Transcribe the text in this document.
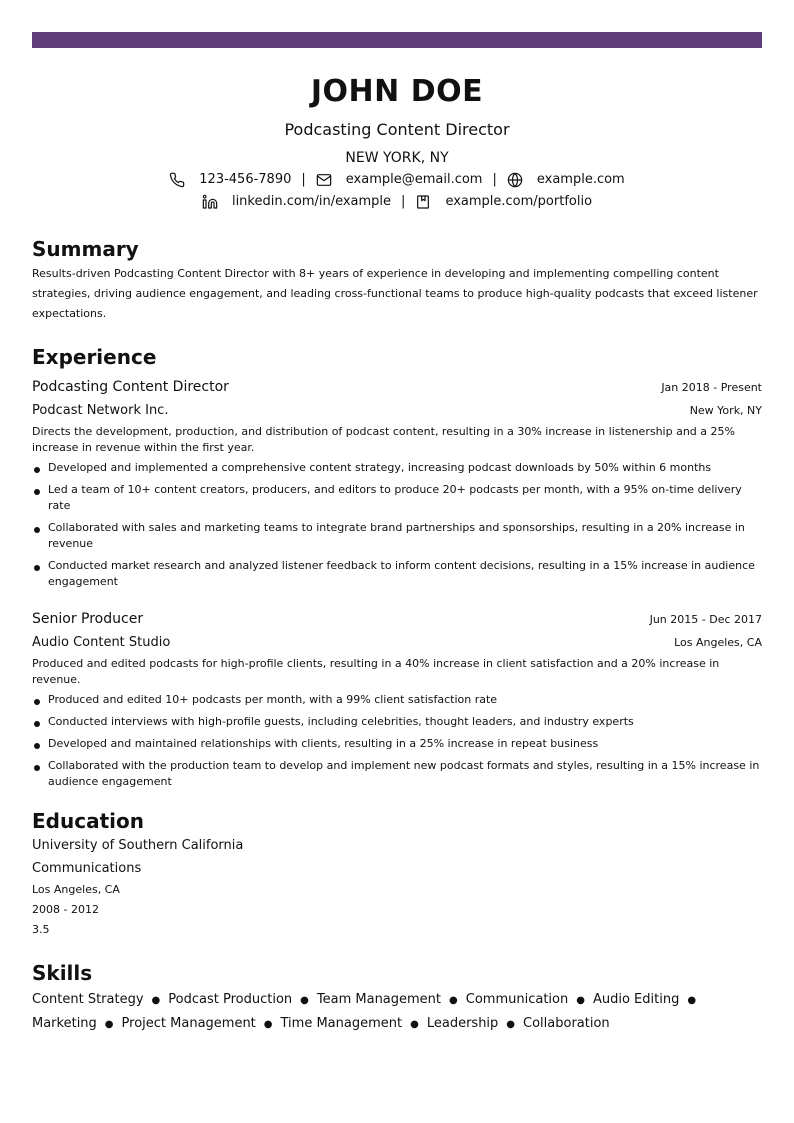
JOHN DOE
Podcasting Content Director
NEW YORK, NY
123-456-7890 |	example@email.com |	example.com
linkedin.com/in/example |	example.com/portfolio
Summary
Results-driven Podcasting Content Director with 8+ years of experience in developing and implementing compelling content strategies, driving audience engagement, and leading cross-functional teams to produce high-quality podcasts that exceed listener expectations.
Experience
Podcasting Content Director	Jan 2018 - Present
Podcast Network Inc.	New York, NY
Directs the development, production, and distribution of podcast content, resulting in a 30% increase in listenership and a 25% increase in revenue within the first year.
Developed and implemented a comprehensive content strategy, increasing podcast downloads by 50% within 6 months
Led a team of 10+ content creators, producers, and editors to produce 20+ podcasts per month, with a 95% on-time delivery rate
Collaborated with sales and marketing teams to integrate brand partnerships and sponsorships, resulting in a 20% increase in revenue
Conducted market research and analyzed listener feedback to inform content decisions, resulting in a 15% increase in audience engagement
Senior Producer	Jun 2015 - Dec 2017
Audio Content Studio	Los Angeles, CA
Produced and edited podcasts for high-profile clients, resulting in a 40% increase in client satisfaction and a 20% increase in revenue.
Produced and edited 10+ podcasts per month, with a 99% client satisfaction rate
Conducted interviews with high-profile guests, including celebrities, thought leaders, and industry experts
Developed and maintained relationships with clients, resulting in a 25% increase in repeat business
Collaborated with the production team to develop and implement new podcast formats and styles, resulting in a 15% increase in audience engagement
Education
University of Southern California
Communications
Los Angeles, CA
2008 - 2012
3.5
Skills
Content Strategy ● Podcast Production ● Team Management ● Communication ● Audio Editing ●
Marketing ● Project Management ● Time Management ● Leadership ● Collaboration
